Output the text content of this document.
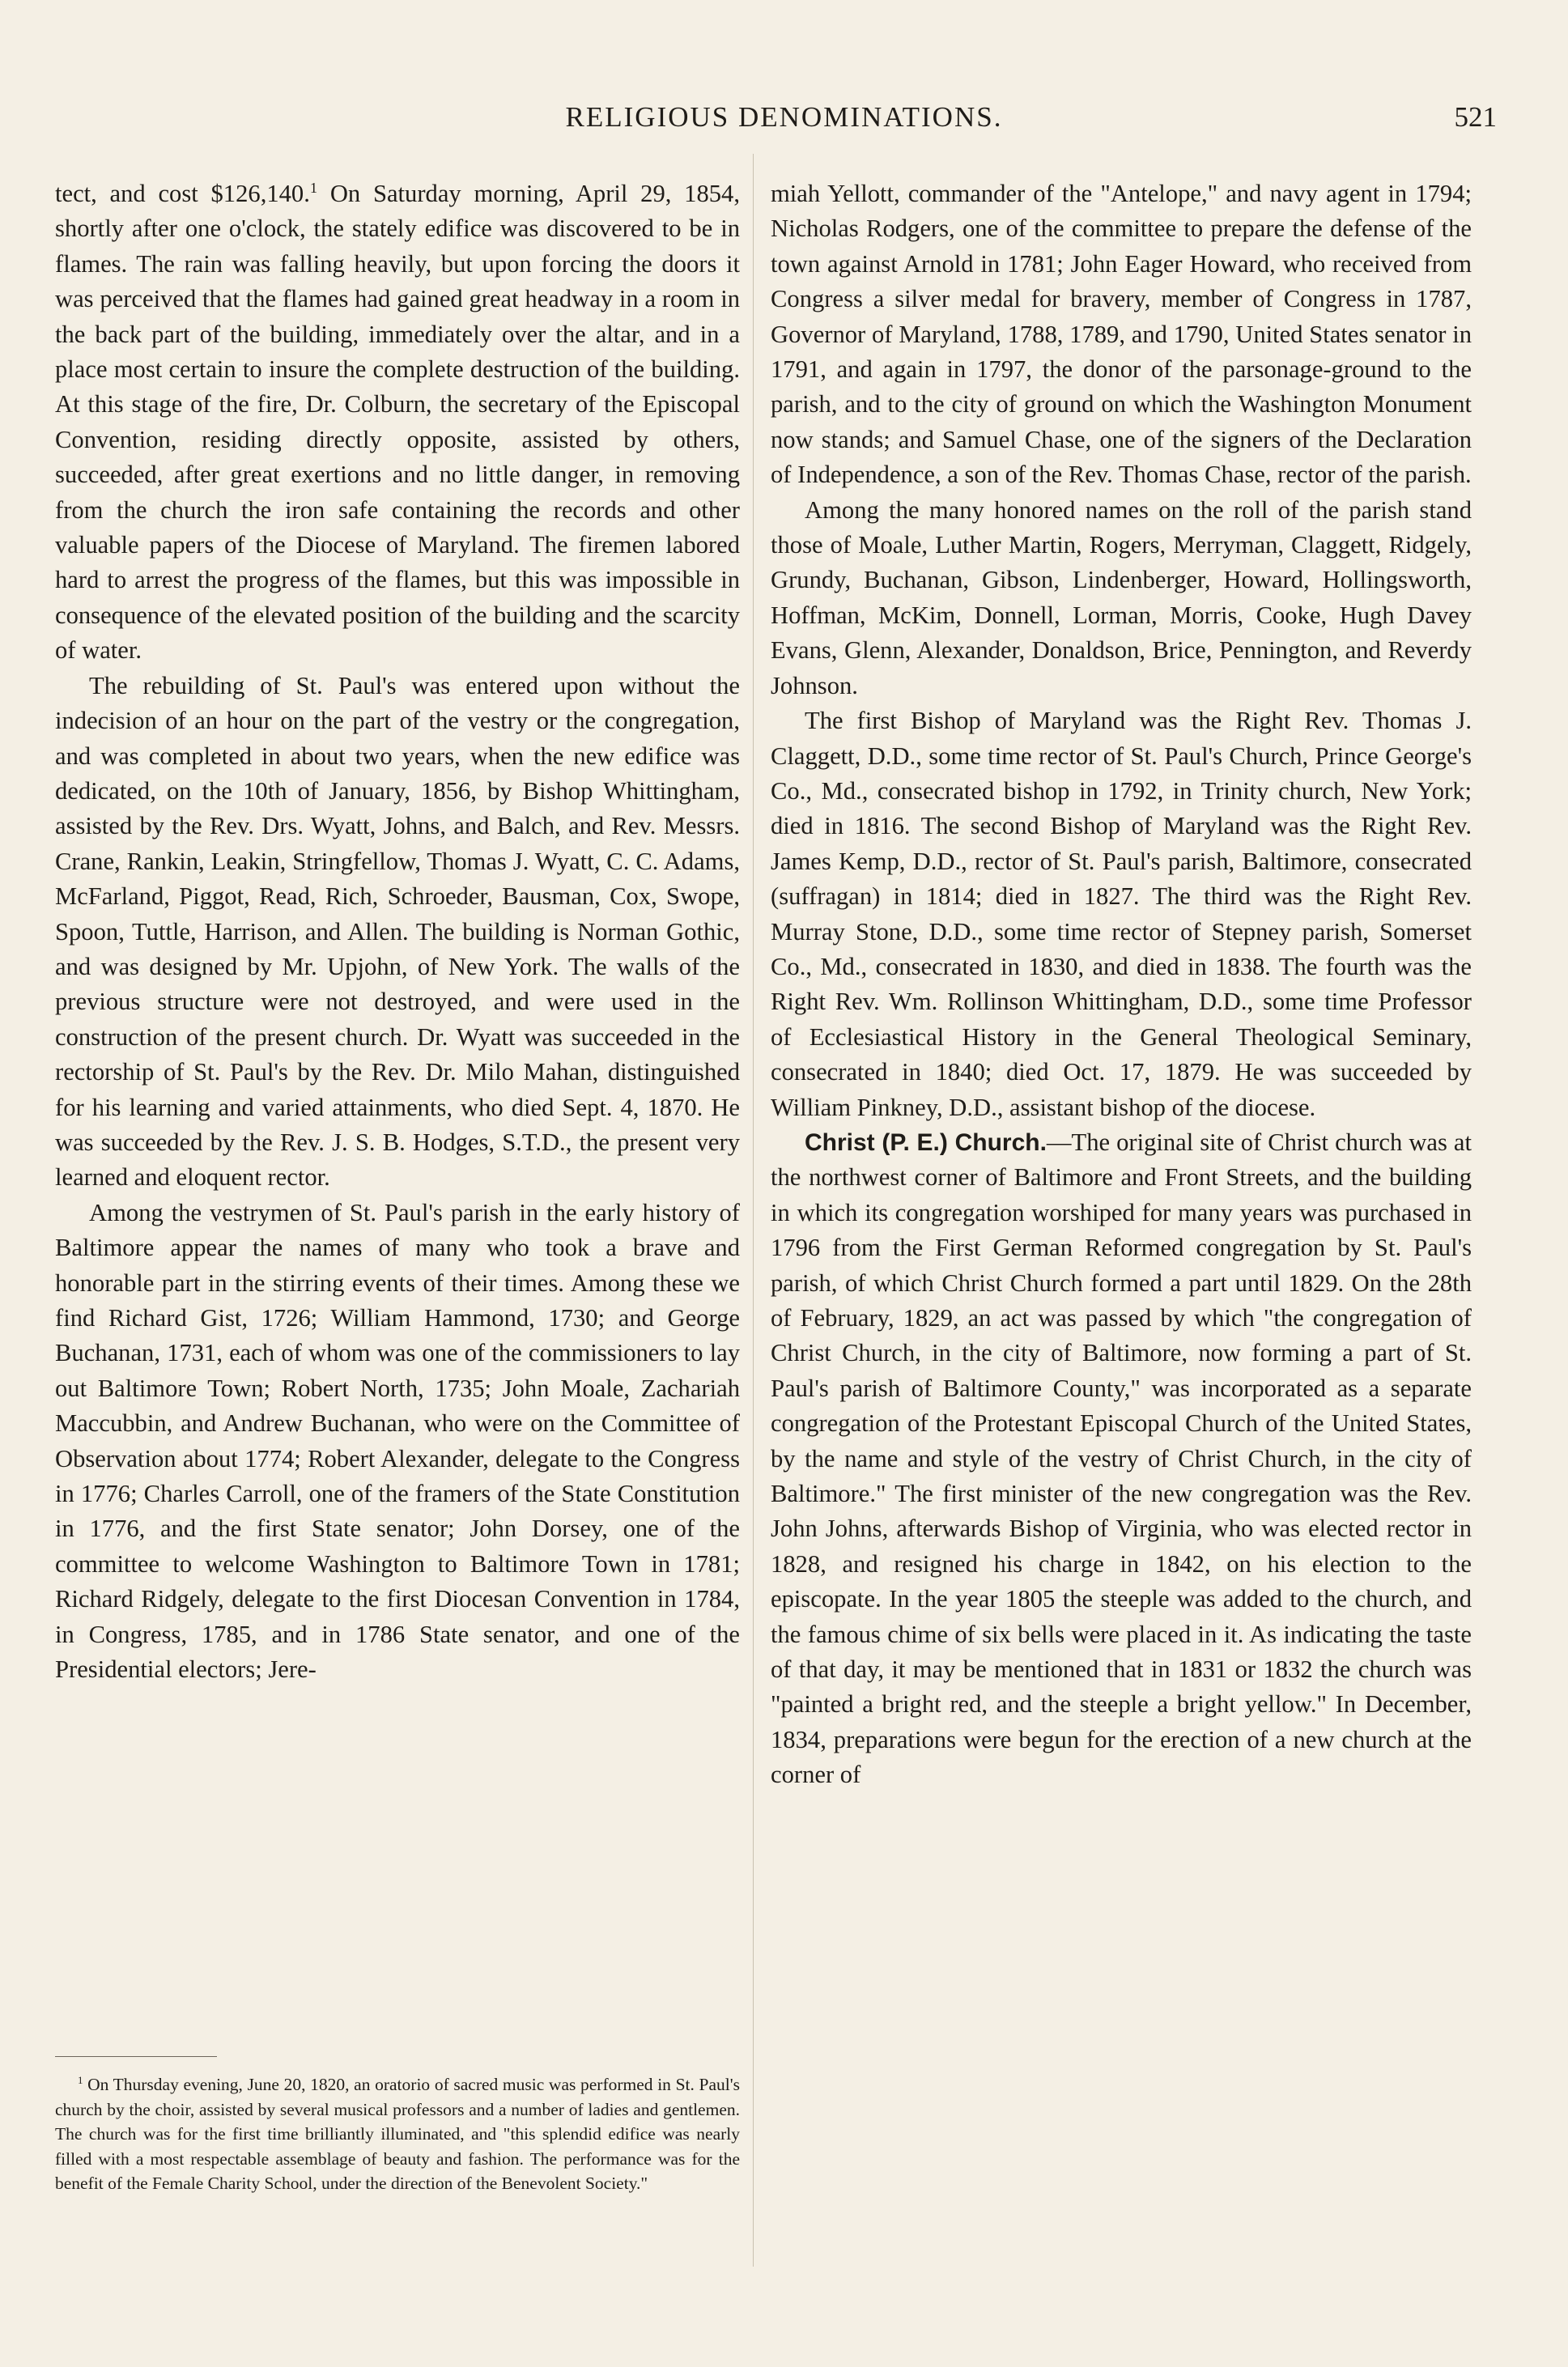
RELIGIOUS DENOMINATIONS.	521

tect, and cost $126,140.$^1$ On Saturday morning, April 29, 1854, shortly after one o'clock, the stately edifice was discovered to be in flames. The rain was falling heavily, but upon forcing the doors it was perceived that the flames had gained great headway in a room in the back part of the building, immediately over the altar, and in a place most certain to insure the complete destruction of the building. At this stage of the fire, Dr. Colburn, the secretary of the Episcopal Convention, residing directly opposite, assisted by others, succeeded, after great exertions and no little danger, in removing from the church the iron safe containing the records and other valuable papers of the Diocese of Maryland. The firemen labored hard to arrest the progress of the flames, but this was impossible in consequence of the elevated position of the building and the scarcity of water.

The rebuilding of St. Paul's was entered upon without the indecision of an hour on the part of the vestry or the congregation, and was completed in about two years, when the new edifice was dedicated, on the 10th of January, 1856, by Bishop Whittingham, assisted by the Rev. Drs. Wyatt, Johns, and Balch, and Rev. Messrs. Crane, Rankin, Leakin, Stringfellow, Thomas J. Wyatt, C. C. Adams, McFarland, Piggot, Read, Rich, Schroeder, Bausman, Cox, Swope, Spoon, Tuttle, Harrison, and Allen. The building is Norman Gothic, and was designed by Mr. Upjohn, of New York. The walls of the previous structure were not destroyed, and were used in the construction of the present church. Dr. Wyatt was succeeded in the rectorship of St. Paul's by the Rev. Dr. Milo Mahan, distinguished for his learning and varied attainments, who died Sept. 4, 1870. He was succeeded by the Rev. J. S. B. Hodges, S.T.D., the present very learned and eloquent rector.

Among the vestrymen of St. Paul's parish in the early history of Baltimore appear the names of many who took a brave and honorable part in the stirring events of their times. Among these we find Richard Gist, 1726; William Hammond, 1730; and George Buchanan, 1731, each of whom was one of the commissioners to lay out Baltimore Town; Robert North, 1735; John Moale, Zachariah Maccubbin, and Andrew Buchanan, who were on the Committee of Observation about 1774; Robert Alexander, delegate to the Congress in 1776; Charles Carroll, one of the framers of the State Constitution in 1776, and the first State senator; John Dorsey, one of the committee to welcome Washington to Baltimore Town in 1781; Richard Ridgely, delegate to the first Diocesan Convention in 1784, in Congress, 1785, and in 1786 State senator, and one of the Presidential electors; Jere-

$^1$ On Thursday evening, June 20, 1820, an oratorio of sacred music was performed in St. Paul's church by the choir, assisted by several musical professors and a number of ladies and gentlemen. The church was for the first time brilliantly illuminated, and "this splendid edifice was nearly filled with a most respectable assemblage of beauty and fashion. The performance was for the benefit of the Female Charity School, under the direction of the Benevolent Society."

miah Yellott, commander of the "Antelope," and navy agent in 1794; Nicholas Rodgers, one of the committee to prepare the defense of the town against Arnold in 1781; John Eager Howard, who received from Congress a silver medal for bravery, member of Congress in 1787, Governor of Maryland, 1788, 1789, and 1790, United States senator in 1791, and again in 1797, the donor of the parsonage-ground to the parish, and to the city of ground on which the Washington Monument now stands; and Samuel Chase, one of the signers of the Declaration of Independence, a son of the Rev. Thomas Chase, rector of the parish.

Among the many honored names on the roll of the parish stand those of Moale, Luther Martin, Rogers, Merryman, Claggett, Ridgely, Grundy, Buchanan, Gibson, Lindenberger, Howard, Hollingsworth, Hoffman, McKim, Donnell, Lorman, Morris, Cooke, Hugh Davey Evans, Glenn, Alexander, Donaldson, Brice, Pennington, and Reverdy Johnson.

The first Bishop of Maryland was the Right Rev. Thomas J. Claggett, D.D., some time rector of St. Paul's Church, Prince George's Co., Md., consecrated bishop in 1792, in Trinity church, New York; died in 1816. The second Bishop of Maryland was the Right Rev. James Kemp, D.D., rector of St. Paul's parish, Baltimore, consecrated (suffragan) in 1814; died in 1827. The third was the Right Rev. Murray Stone, D.D., some time rector of Stepney parish, Somerset Co., Md., consecrated in 1830, and died in 1838. The fourth was the Right Rev. Wm. Rollinson Whittingham, D.D., some time Professor of Ecclesiastical History in the General Theological Seminary, consecrated in 1840; died Oct. 17, 1879. He was succeeded by William Pinkney, D.D., assistant bishop of the diocese.

Christ (P. E.) Church.—The original site of Christ church was at the northwest corner of Baltimore and Front Streets, and the building in which its congregation worshiped for many years was purchased in 1796 from the First German Reformed congregation by St. Paul's parish, of which Christ Church formed a part until 1829. On the 28th of February, 1829, an act was passed by which "the congregation of Christ Church, in the city of Baltimore, now forming a part of St. Paul's parish of Baltimore County," was incorporated as a separate congregation of the Protestant Episcopal Church of the United States, by the name and style of the vestry of Christ Church, in the city of Baltimore." The first minister of the new congregation was the Rev. John Johns, afterwards Bishop of Virginia, who was elected rector in 1828, and resigned his charge in 1842, on his election to the episcopate. In the year 1805 the steeple was added to the church, and the famous chime of six bells were placed in it. As indicating the taste of that day, it may be mentioned that in 1831 or 1832 the church was "painted a bright red, and the steeple a bright yellow." In December, 1834, preparations were begun for the erection of a new church at the corner of
